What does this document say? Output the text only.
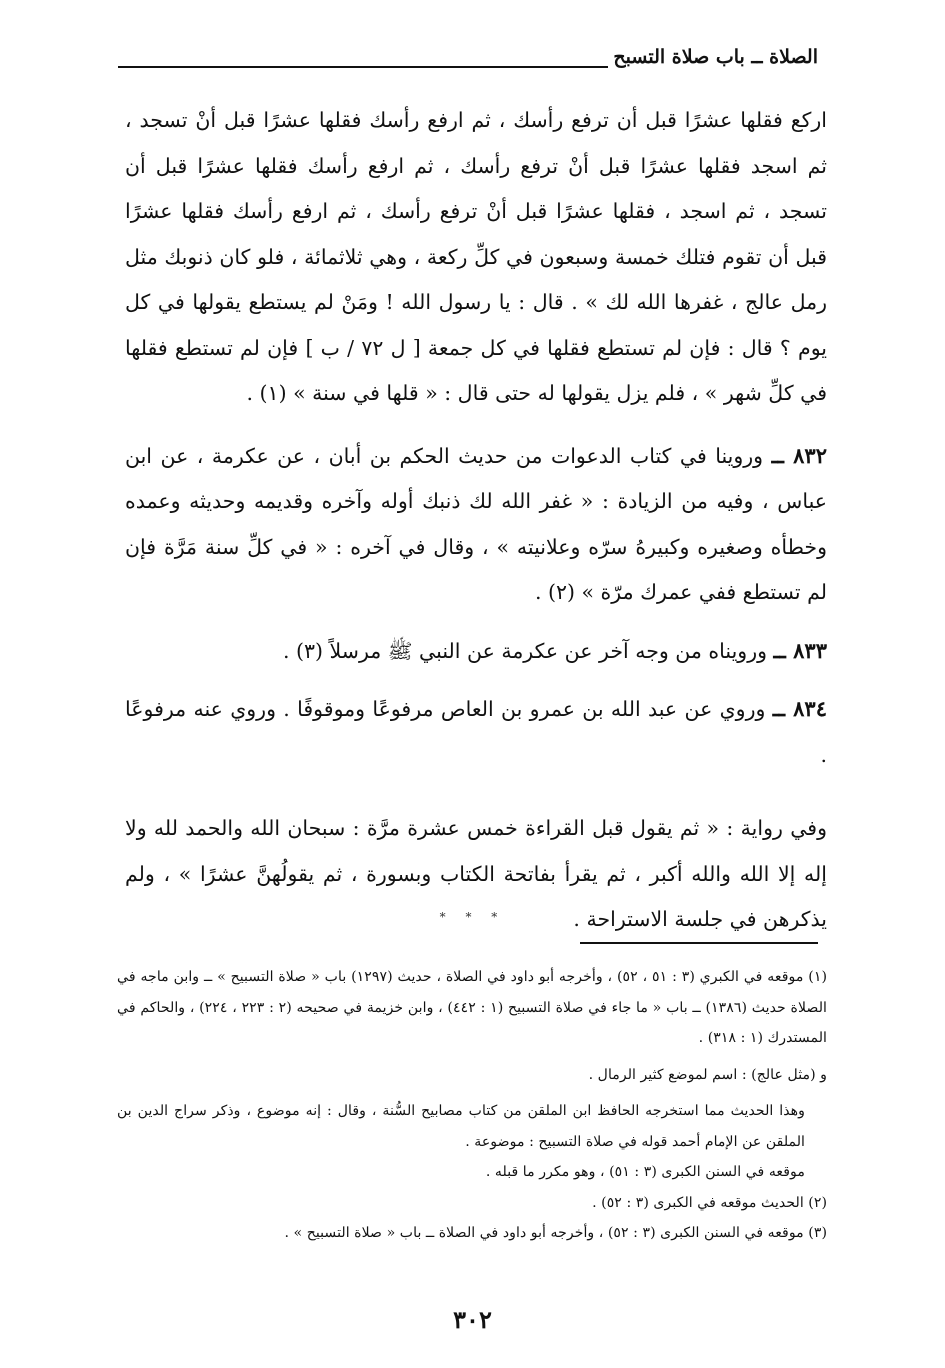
الصلاة ــ باب صلاة التسبح

اركع فقلها عشرًا قبل أن ترفع رأسك ، ثم ارفع رأسك فقلها عشرًا قبل أنْ تسجد ، ثم اسجد فقلها عشرًا قبل أنْ ترفع رأسك ، ثم ارفع رأسك فقلها عشرًا قبل أن تسجد ، ثم اسجد ، فقلها عشرًا قبل أنْ ترفع رأسك ، ثم ارفع رأسك فقلها عشرًا قبل أن تقوم فتلك خمسة وسبعون في كلِّ ركعة ، وهي ثلاثمائة ، فلو كان ذنوبك مثل رمل عالج ، غفرها الله لك » . قال : يا رسول الله ! ومَنْ لم يستطع يقولها في كل يوم ؟ قال : فإن لم تستطع فقلها في كل جمعة [ ل ٧٢ / ب ] فإن لم تستطع فقلها في كلِّ شهر » ، فلم يزل يقولها له حتى قال : « قلها في سنة » (١) .

٨٣٢ ــ وروينا في كتاب الدعوات من حديث الحكم بن أبان ، عن عكرمة ، عن ابن عباس ، وفيه من الزيادة : « غفر الله لك ذنبك أوله وآخره وقديمه وحديثه وعمده وخطأه وصغيره وكبيرهُ سرّه وعلانيته » ، وقال في آخره : « في كلِّ سنة مَرَّة فإن لم تستطع ففي عمرك مرّة » (٢) .

٨٣٣ ــ ورويناه من وجه آخر عن عكرمة عن النبي ﷺ مرسلاً (٣) .

٨٣٤ ــ وروي عن عبد الله بن عمرو بن العاص مرفوعًا وموقوفًا . وروي عنه مرفوعًا .

وفي رواية : « ثم يقول قبل القراءة خمس عشرة مرَّة : سبحان الله والحمد لله ولا إله إلا الله والله أكبر ، ثم يقرأ بفاتحة الكتاب وبسورة ، ثم يقولُهنَّ عشرًا » ، ولم يذكرهن في جلسة الاستراحة .

* * *

(١) موقعه في الكبري (٣ : ٥١ ، ٥٢) ، وأخرجه أبو داود في الصلاة ، حديث (١٢٩٧) باب « صلاة التسبيح » ــ وابن ماجه في الصلاة حديث (١٣٨٦) ــ باب « ما جاء في صلاة التسبيح (١ : ٤٤٢) ، وابن خزيمة في صحيحه (٢ : ٢٢٣ ، ٢٢٤) ، والحاكم في المستدرك (١ : ٣١٨) .

و (مثل عالج) : اسم لموضع كثير الرمال .

وهذا الحديث مما استخرجه الحافظ ابن الملقن من كتاب مصابيح السُّنة ، وقال : إنه موضوع ، وذكر سراج الدين بن الملقن عن الإمام أحمد قوله في صلاة التسبيح : موضوعة .

موقعه في السنن الكبرى (٣ : ٥١) ، وهو مكرر ما قبله .

(٢) الحديث موقعه في الكبرى (٣ : ٥٢) .

(٣) موقعه في السنن الكبرى (٣ : ٥٢) ، وأخرجه أبو داود في الصلاة ــ باب « صلاة التسبيح » .

٣٠٢
